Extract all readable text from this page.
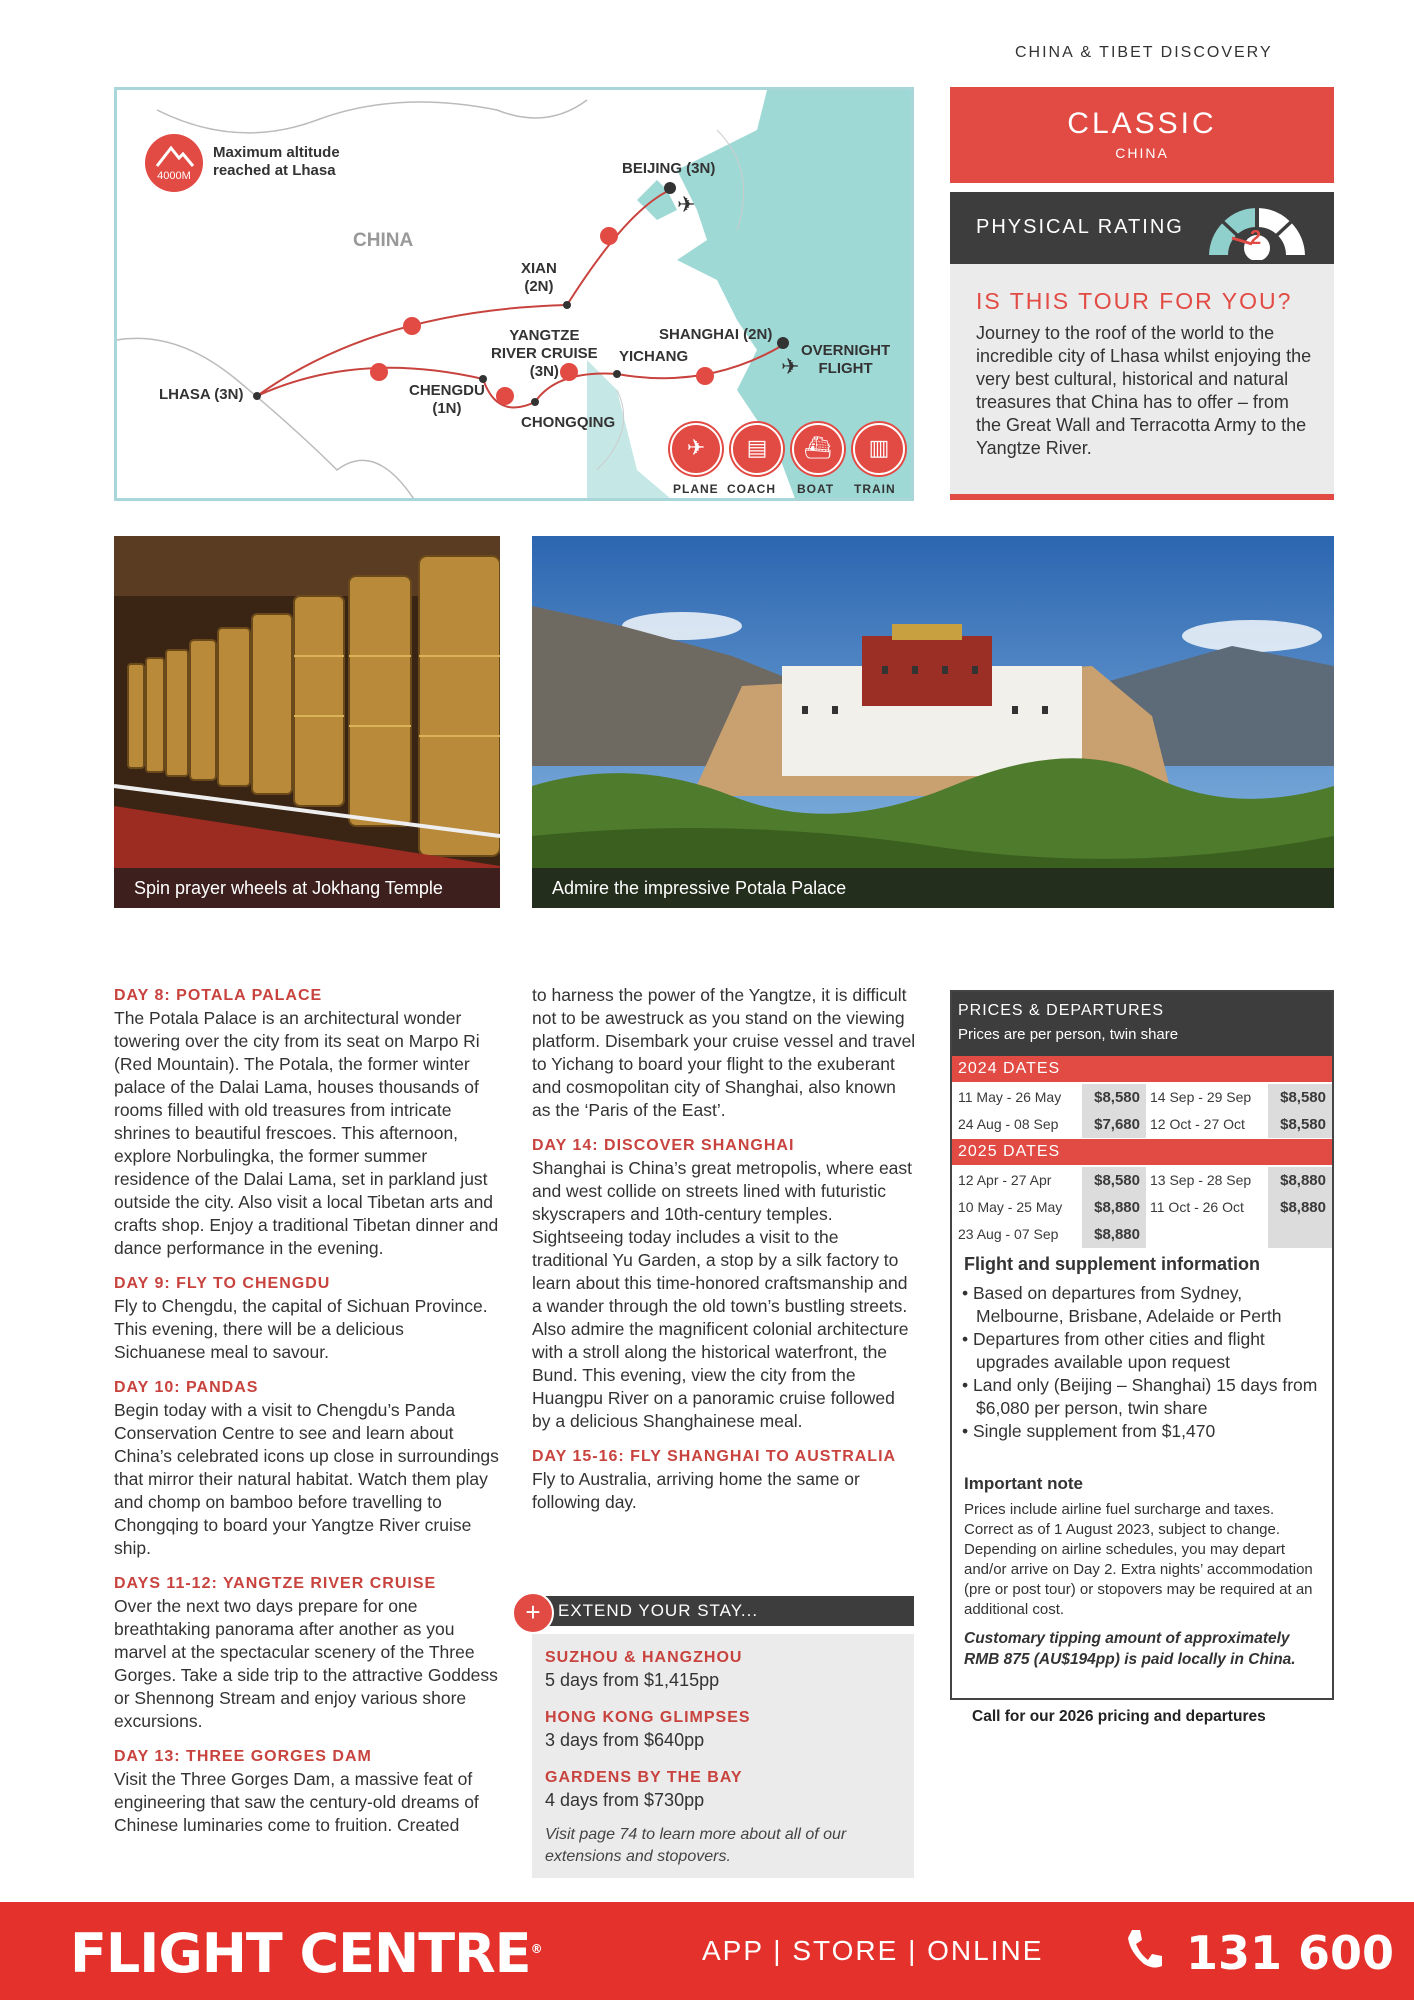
CHINA & TIBET DISCOVERY
✈
✈
4000M
Maximum altitude
reached at Lhasa
CHINA
BEIJING (3N)
XIAN
(2N)
LHASA (3N)	CHENGDU
(1N)
YANGTZE
RIVER CRUISE
(3N)
YICHANG
SHANGHAI (2N)
CHONGQING
OVERNIGHT
FLIGHT
✈	▤	⛴	▥
PLANE COACH BOAT TRAIN
CLASSIC
CHINA
PHYSICAL RATING	2
IS THIS TOUR FOR YOU?

Journey to the roof of the world to the incredible city of Lhasa whilst enjoying the very best cultural, historical and natural treasures that China has to offer – from the Great Wall and Terracotta Army to the Yangtze River.

Spin prayer wheels at Jokhang Temple	Admire the impressive Potala Palace
DAY 8: POTALA PALACE

The Potala Palace is an architectural wonder towering over the city from its seat on Marpo Ri (Red Mountain). The Potala, the former winter palace of the Dalai Lama, houses thousands of rooms filled with old treasures from intricate shrines to beautiful frescoes. This afternoon, explore Norbulingka, the former summer residence of the Dalai Lama, set in parkland just outside the city. Also visit a local Tibetan arts and crafts shop. Enjoy a traditional Tibetan dinner and dance performance in the evening.

DAY 9: FLY TO CHENGDU

Fly to Chengdu, the capital of Sichuan Province. This evening, there will be a delicious Sichuanese meal to savour.

DAY 10: PANDAS

Begin today with a visit to Chengdu’s Panda Conservation Centre to see and learn about China’s celebrated icons up close in surroundings that mirror their natural habitat. Watch them play and chomp on bamboo before travelling to Chongqing to board your Yangtze River cruise ship.

DAYS 11-12: YANGTZE RIVER CRUISE

Over the next two days prepare for one breathtaking panorama after another as you marvel at the spectacular scenery of the Three Gorges. Take a side trip to the attractive Goddess or Shennong Stream and enjoy various shore excursions.

DAY 13: THREE GORGES DAM

Visit the Three Gorges Dam, a massive feat of engineering that saw the century-old dreams of Chinese luminaries come to fruition. Created

to harness the power of the Yangtze, it is difficult not to be awestruck as you stand on the viewing platform. Disembark your cruise vessel and travel to Yichang to board your flight to the exuberant and cosmopolitan city of Shanghai, also known as the ‘Paris of the East’.

DAY 14: DISCOVER SHANGHAI

Shanghai is China’s great metropolis, where east and west collide on streets lined with futuristic skyscrapers and 10th-century temples. Sightseeing today includes a visit to the traditional Yu Garden, a stop by a silk factory to learn about this time-honored craftsmanship and a wander through the old town’s bustling streets. Also admire the magnificent colonial architecture with a stroll along the historical waterfront, the Bund. This evening, view the city from the Huangpu River on a panoramic cruise followed by a delicious Shanghainese meal.

DAY 15-16: FLY SHANGHAI TO AUSTRALIA

Fly to Australia, arriving home the same or following day.

EXTEND YOUR STAY...
+
SUZHOU & HANGZHOU
5 days from $1,415pp
HONG KONG GLIMPSES
3 days from $640pp
GARDENS BY THE BAY
4 days from $730pp
Visit page 74 to learn more about all of our extensions and stopovers.
PRICES & DEPARTURES
Prices are per person, twin share
2024 DATES
11 May - 26 May	$8,580 14 Sep - 29 Sep	$8,580
24 Aug - 08 Sep	$7,680 12 Oct - 27 Oct	$8,580
2025 DATES
12 Apr - 27 Apr	$8,580 13 Sep - 28 Sep	$8,880
10 May - 25 May	$8,880 11 Oct - 26 Oct	$8,880
23 Aug - 07 Sep	$8,880
Flight and supplement information
• Based on departures from Sydney, Melbourne, Brisbane, Adelaide or Perth
• Departures from other cities and flight upgrades available upon request
• Land only (Beijing – Shanghai) 15 days from $6,080 per person, twin share
• Single supplement from $1,470
Important note
Prices include airline fuel surcharge and taxes. Correct as of 1 August 2023, subject to change. Depending on airline schedules, you may depart and/or arrive on Day 2. Extra nights’ accommodation (pre or post tour) or stopovers may be required at an additional cost.
Customary tipping amount of approximately RMB 875 (AU$194pp) is paid locally in China.
Call for our 2026 pricing and departures
FLIGHT CENTRE®	APP | STORE | ONLINE	131 600
